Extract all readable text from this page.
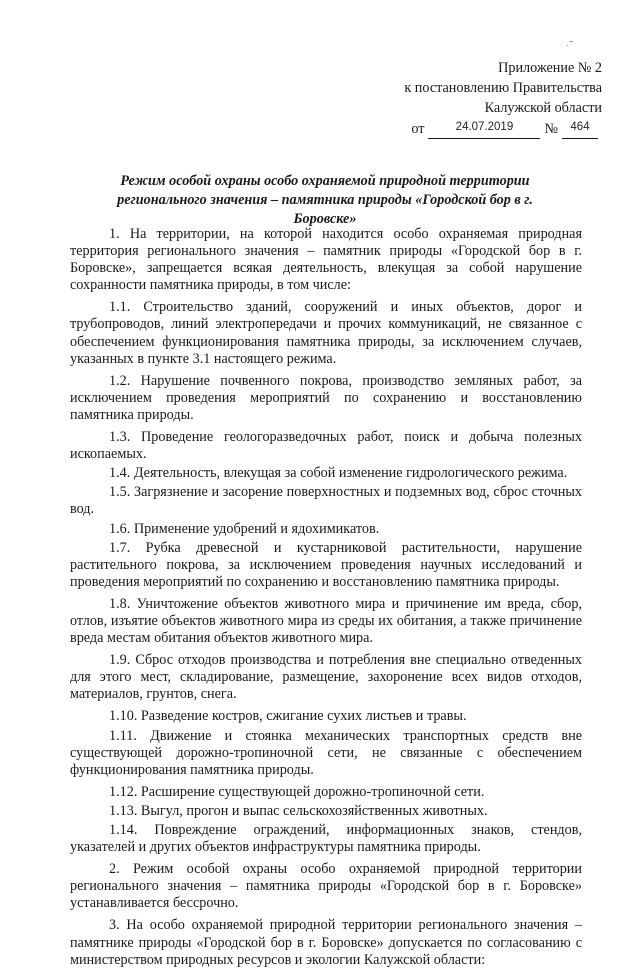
·˜
Приложение № 2
к постановлению Правительства
Калужской области
от	24.07.2019	№	464
Режим особой охраны особо охраняемой природной территории регионального значения – памятника природы «Городской бор в г. Боровске»

1. На территории, на которой находится особо охраняемая природная территория регионального значения – памятник природы «Городской бор в г. Боровске», запрещается всякая деятельность, влекущая за собой нарушение сохранности памятника природы, в том числе:

1.1. Строительство зданий, сооружений и иных объектов, дорог и трубопроводов, линий электропередачи и прочих коммуникаций, не связанное с обеспечением функционирования памятника природы, за исключением случаев, указанных в пункте 3.1 настоящего режима.

1.2. Нарушение почвенного покрова, производство земляных работ, за исключением проведения мероприятий по сохранению и восстановлению памятника природы.

1.3. Проведение геологоразведочных работ, поиск и добыча полезных ископаемых.

1.4. Деятельность, влекущая за собой изменение гидрологического режима.

1.5. Загрязнение и засорение поверхностных и подземных вод, сброс сточных вод.

1.6. Применение удобрений и ядохимикатов.

1.7. Рубка древесной и кустарниковой растительности, нарушение растительного покрова, за исключением проведения научных исследований и проведения мероприятий по сохранению и восстановлению памятника природы.

1.8. Уничтожение объектов животного мира и причинение им вреда, сбор, отлов, изъятие объектов животного мира из среды их обитания, а также причинение вреда местам обитания объектов животного мира.

1.9. Сброс отходов производства и потребления вне специально отведенных для этого мест, складирование, размещение, захоронение всех видов отходов, материалов, грунтов, снега.

1.10. Разведение костров, сжигание сухих листьев и травы.

1.11. Движение и стоянка механических транспортных средств вне существующей дорожно-тропиночной сети, не связанные с обеспечением функционирования памятника природы.

1.12. Расширение существующей дорожно-тропиночной сети.

1.13. Выгул, прогон и выпас сельскохозяйственных животных.

1.14. Повреждение ограждений, информационных знаков, стендов, указателей и других объектов инфраструктуры памятника природы.

2. Режим особой охраны особо охраняемой природной территории регионального значения – памятника природы «Городской бор в г. Боровске» устанавливается бессрочно.

3. На особо охраняемой природной территории регионального значения – памятнике природы «Городской бор в г. Боровске» допускается по согласованию с министерством природных ресурсов и экологии Калужской области:
